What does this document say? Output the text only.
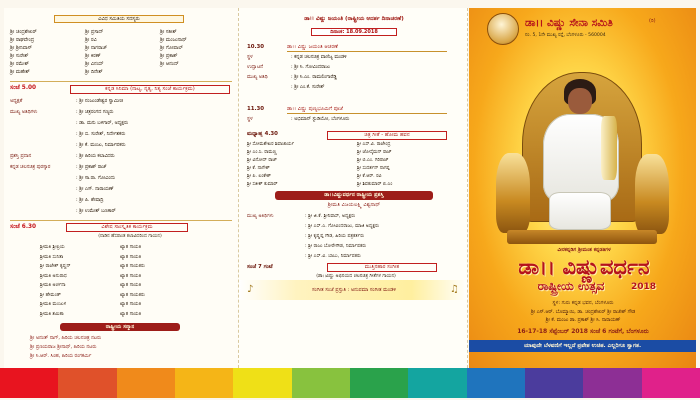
ವಿವಿಧ ಸಮಿತಿಯ ಸದಸ್ಯರು
ಶ್ರೀ ಚಂದ್ರಶೇಖರ್	ಶ್ರೀ ಪ್ರಸಾದ್	ಶ್ರೀ ಸತೀಶ್
ಶ್ರೀ ರಾಘವೇಂದ್ರ	ಶ್ರೀ ರವಿ	ಶ್ರೀ ಮಂಜುನಾಥ್
ಶ್ರೀ ಶ್ರೀನಿವಾಸ್	ಶ್ರೀ ನಾಗರಾಜ್	ಶ್ರೀ ಗೋಪಾಲ್
ಶ್ರೀ ಸುರೇಶ್	ಶ್ರೀ ಕಿರಣ್	ಶ್ರೀ ಪ್ರಕಾಶ್
ಶ್ರೀ ರಮೇಶ್	ಶ್ರೀ ವಿನಯ್	ಶ್ರೀ ಆನಂದ್
ಶ್ರೀ ಮಹೇಶ್	ಶ್ರೀ ದಿನೇಶ್
ಸಂಜೆ 5.00	ಕನ್ನಡ ಸಿನಿಮಾ (ನಾಟ್ಯ, ನೃತ್ಯ, ನಿತ್ಯ ಸಂಜೆ ಕಾರ್ಯಕ್ರಮ)
ಅಧ್ಯಕ್ಷತೆ	: ಶ್ರೀ ನಂಜುಂಡೇಶ್ವರ ಸ್ವಾಮೀಜಿ
ಮುಖ್ಯ ಅತಿಥಿಗಳು	: ಶ್ರೀ ಚಿತ್ರರಂಗದ ಗಣ್ಯರು
: ಡಾ. ಮನು ಬಳಿಗಾರ್, ಅಧ್ಯಕ್ಷರು
: ಶ್ರೀ ಬಿ. ಸುರೇಶ್, ನಿರ್ದೇಶಕರು
: ಶ್ರೀ ಕೆ. ಮಂಜು, ನಿರ್ಮಾಪಕರು
ಪ್ರಶಸ್ತಿ ಪ್ರದಾನ	: ಶ್ರೀ ಹಿರಿಯ ಕಲಾವಿದರು
ಕನ್ನಡ ಚಲನಚಿತ್ರ ಪುರಸ್ಕಾರ	: ಶ್ರೀ ಪ್ರಕಾಶ್ ರಾಜ್
: ಶ್ರೀ ಸಾ.ರಾ. ಗೋವಿಂದು
: ಶ್ರೀ ಎಸ್. ನಾರಾಯಣ್
: ಶ್ರೀ ಪಿ. ಶೇಷಾದ್ರಿ
: ಶ್ರೀ ಉಮೇಶ್ ಬಣಕಾರ್
ಸಂಜೆ 6.30	ವಿಶೇಷ ಸಾಂಸ್ಕೃತಿಕ ಕಾರ್ಯಕ್ರಮ
(ನಾಡಿನ ಹೆಸರಾಂತ ಕಲಾವಿದರಿಂದ ಗಾಯನ)
ಶ್ರೀಮತಿ ಶ್ರೀಪ್ರಿಯ	ಖ್ಯಾತ ಗಾಯಕಿ
ಶ್ರೀಮತಿ ಸುನಿತಾ	ಖ್ಯಾತ ಗಾಯಕಿ
ಶ್ರೀ ರಾಜೇಶ್ ಕೃಷ್ಣನ್	ಖ್ಯಾತ ಗಾಯಕರು
ಶ್ರೀಮತಿ ಅನುರಾಧ	ಖ್ಯಾತ ಗಾಯಕಿ
ಶ್ರೀಮತಿ ಅರ್ಚನಾ	ಖ್ಯಾತ ಗಾಯಕಿ
ಶ್ರೀ ಹೇಮಂತ್	ಖ್ಯಾತ ಗಾಯಕರು
ಶ್ರೀಮತಿ ಮಂಜುಳ	ಖ್ಯಾತ ಗಾಯಕಿ
ಶ್ರೀಮತಿ ಶಮಿತಾ	ಖ್ಯಾತ ಗಾಯಕಿ
ರಾಷ್ಟ್ರೀಯ ಸನ್ಮಾನ
ಶ್ರೀ ಅನಂತ್ ನಾಗ್, ಹಿರಿಯ ಚಲನಚಿತ್ರ ನಟರು
ಶ್ರೀ ಪ್ರಣಯರಾಜ ಶ್ರೀನಾಥ್, ಹಿರಿಯ ನಟರು
ಶ್ರೀ ಸಿ.ಆರ್. ಸಿಂಹ, ಹಿರಿಯ ರಂಗಕರ್ಮಿ
ಡಾ।। ವಿಷ್ಣು ಜಯಂತಿ (ರಾಷ್ಟ್ರೀಯ ಆದರ್ಶ ದಿನಾಚರಣೆ)
ದಿನಾಂಕ: 18.09.2018
10.30	ಡಾ।। ವಿಷ್ಣು ಜಯಂತಿ ಆಚರಣೆ
ಸ್ಥಳ	: ಕನ್ನಡ ಚಲನಚಿತ್ರ ವಾಣಿಜ್ಯ ಮಂಡಳಿ
ಉದ್ಘಾಟನೆ	: ಶ್ರೀ ಸಿ. ಗೋವಿಂದರಾಜು
ಮುಖ್ಯ ಅತಿಥಿ	: ಶ್ರೀ ಸಿ.ಎಂ. ರಾಮಲಿಂಗಾರೆಡ್ಡಿ
: ಶ್ರೀ ಎಂ.ಕೆ. ಸುರೇಶ್
11.30	ಡಾ।। ವಿಷ್ಣು ಪುಣ್ಯಭೂಮಿಗೆ ಪೂಜೆ
ಸ್ಥಳ	: ಅಭಿಮಾನ್ ಸ್ಟುಡಿಯೋ, ಬೆಂಗಳೂರು
ಮಧ್ಯಾಹ್ನ 4.30	ಚಿತ್ರ ಗೀತೆ - ಹೋಮ ಹವನ
ಶ್ರೀ ಸೋಮಶೇಖರ ಶಿವಾಚಾರ್ಯ	ಶ್ರೀ ಎಸ್.ವಿ. ರಾಜೇಂದ್ರ
ಶ್ರೀ ಎಂ.ಸಿ. ರಾಮಣ್ಣ	ಶ್ರೀ ಜೋಸೈಮನ್ ರಾಜ್
ಶ್ರೀ ವಿನೋದ್ ರಾಜ್	ಶ್ರೀ ಬಿ.ಎಂ. ಗಿರಿರಾಜ್
ಶ್ರೀ ಕೆ. ನಾಗೇಶ್	ಶ್ರೀ ಸುದರ್ಶನ್ ನಾಗಪ್ಪ
ಶ್ರೀ ಪಿ. ಲಂಕೇಶ್	ಶ್ರೀ ಕೆ.ಆರ್. ರವಿ
ಶ್ರೀ ಸತೀಶ್ ಕುಮಾರ್	ಶ್ರೀ ಶಿವಕುಮಾರ್ ಬಿ.ಎಂ
ಡಾ।।ವಿಷ್ಣುವರ್ಧನ ರಾಷ್ಟ್ರೀಯ ಪ್ರಶಸ್ತಿ
ಶ್ರೀಮತಿ ವಿಜಯಲಕ್ಷ್ಮಿ ವಿಶ್ವನಾಥ್
ಮುಖ್ಯ ಅತಿಥಿಗಳು	: ಶ್ರೀ ಜಿ.ಕೆ. ಶ್ರೀನಿವಾಸ್, ಅಧ್ಯಕ್ಷರು
: ಶ್ರೀ ಎಸ್.ಎ. ಗೋವಿಂದರಾಜು, ಮಾಜಿ ಅಧ್ಯಕ್ಷರು
: ಶ್ರೀ ಕೃಷ್ಣಪ್ಪ ಗೌಡ, ಹಿರಿಯ ಪತ್ರಕರ್ತರು
: ಶ್ರೀ ರಾಜು ಬೋರೇಗೌಡ, ನಿರ್ಮಾಪಕರು
: ಶ್ರೀ ಎಸ್.ವಿ. ಬಾಬು, ನಿರ್ಮಾಪಕರು
ಸಂಜೆ 7 ಗಂಟೆ	ಮುತ್ತಿನಹಾರ ಸಂಗೀತ
(ಡಾ।।ವಿಷ್ಣು ಅಭಿನಯದ ಚಲನಚಿತ್ರ ಗೀತೆಗಳ ಗಾಯನ)
♪	ಸಂಗೀತ ಸಂಜೆ ಪ್ರಸ್ತುತಿ : ಅನುಪಮಾ ಸಂಗೀತ ಮಂಡಳಿ	♫
ಡಾ।। ವಿಷ್ಣು ಸೇನಾ ಸಮಿತಿ	(ರಿ)
ನಂ. 5, 1ನೇ ಮುಖ್ಯ ರಸ್ತೆ, ಬೆಂಗಳೂರು - 560004
ವೀರಕನ್ನಡಿಗ ಶ್ರೀಮಂತ ಕನ್ನಡತಿಗಳ
ಡಾ।। ವಿಷ್ಣುವರ್ಧನ
ರಾಷ್ಟ್ರೀಯ ಉತ್ಸವ	2018
ಸ್ಥಳ: ಗುರು ಕನ್ನಡ ಭವನ, ಬೆಂಗಳೂರು
ಶ್ರೀ ಎಸ್.ಆರ್. ಬೊಮ್ಮಾಯಿ, ಡಾ. ಚಂದ್ರಶೇಖರ್ ಶ್ರೀ ರಾಜೇಶ್ ಗೌಡ
ಶ್ರೀ ಕೆ. ಮಂಜು ಡಾ. ಪ್ರಕಾಶ್ ಶ್ರೀ ಸಿ. ನಾರಾಯಣ್
16-17-18 ಸೆಪ್ಟೆಂಬರ್ 2018 ಸಂಜೆ 6 ಗಂಟೆಗೆ, ಬೆಂಗಳೂರು
ಯಾವುದೇ ಬೆಳವಣಿಗೆ ಇಲ್ಲದೆ ಪ್ರವೇಶ ಉಚಿತ. ಎಲ್ಲರಿಗೂ ಸ್ವಾಗತ.
